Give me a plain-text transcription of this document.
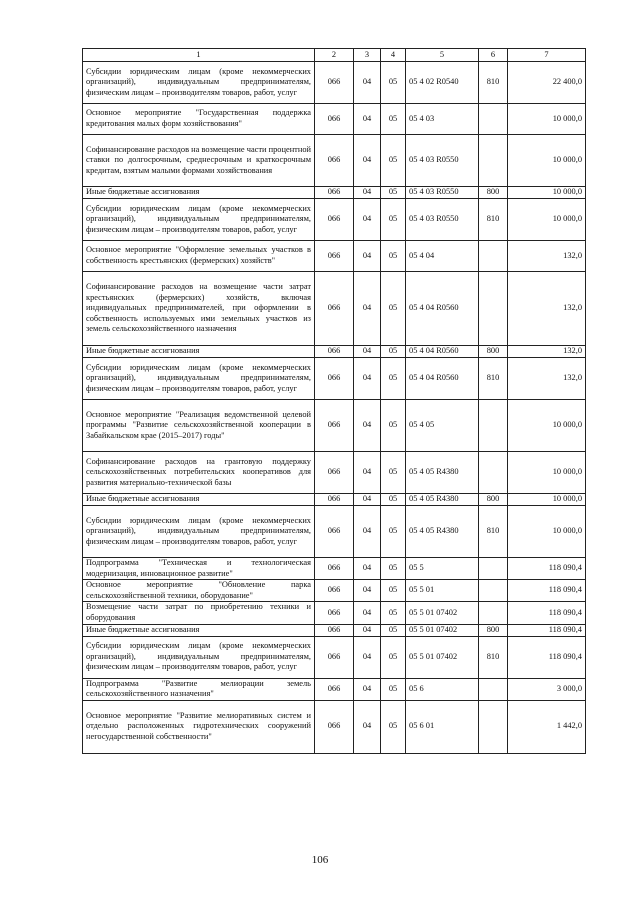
1	2	3	4	5	6	7
Субсидии юридическим лицам (кроме некоммерческих организаций), индивидуальным предпринимателям, физическим лицам – производителям товаров, работ, услуг	066	04	05	05 4 02 R0540	810	22 400,0
Основное мероприятие "Государственная поддержка кредитования малых форм хозяйствования"	066	04	05	05 4 03		10 000,0
Софинансирование расходов на возмещение части процентной ставки по долгосрочным, среднесрочным и краткосрочным кредитам, взятым малыми формами хозяйствования	066	04	05	05 4 03 R0550		10 000,0
Иные бюджетные ассигнования	066	04	05	05 4 03 R0550	800	10 000,0
Субсидии юридическим лицам (кроме некоммерческих организаций), индивидуальным предпринимателям, физическим лицам – производителям товаров, работ, услуг	066	04	05	05 4 03 R0550	810	10 000,0
Основное мероприятие "Оформление земельных участков в собственность крестьянских (фермерских) хозяйств"	066	04	05	05 4 04		132,0
Софинансирование расходов на возмещение части затрат крестьянских (фермерских) хозяйств, включая индивидуальных предпринимателей, при оформлении в собственность используемых ими земельных участков из земель сельскохозяйственного назначения	066	04	05	05 4 04 R0560		132,0
Иные бюджетные ассигнования	066	04	05	05 4 04 R0560	800	132,0
Субсидии юридическим лицам (кроме некоммерческих организаций), индивидуальным предпринимателям, физическим лицам – производителям товаров, работ, услуг	066	04	05	05 4 04 R0560	810	132,0
Основное мероприятие "Реализация ведомственной целевой программы "Развитие сельскохозяйственной кооперации в Забайкальском крае (2015–2017) годы"	066	04	05	05 4 05		10 000,0
Софинансирование расходов на грантовую поддержку сельскохозяйственных потребительских кооперативов для развития материально-технической базы	066	04	05	05 4 05 R4380		10 000,0
Иные бюджетные ассигнования	066	04	05	05 4 05 R4380	800	10 000,0
Субсидии юридическим лицам (кроме некоммерческих организаций), индивидуальным предпринимателям, физическим лицам – производителям товаров, работ, услуг	066	04	05	05 4 05 R4380	810	10 000,0
Подпрограмма "Техническая и технологическая модернизация, инновационное развитие"	066	04	05	05 5		118 090,4
Основное мероприятие "Обновление парка сельскохозяйственной техники, оборудование"	066	04	05	05 5 01		118 090,4
Возмещение части затрат по приобретению техники и оборудования	066	04	05	05 5 01 07402		118 090,4
Иные бюджетные ассигнования	066	04	05	05 5 01 07402	800	118 090,4
Субсидии юридическим лицам (кроме некоммерческих организаций), индивидуальным предпринимателям, физическим лицам – производителям товаров, работ, услуг	066	04	05	05 5 01 07402	810	118 090,4
Подпрограмма "Развитие мелиорации земель сельскохозяйственного назначения"	066	04	05	05 6		3 000,0
Основное мероприятие "Развитие мелиоративных систем и отдельно расположенных гидротехнических сооружений негосударственной собственности"	066	04	05	05 6 01		1 442,0
106
